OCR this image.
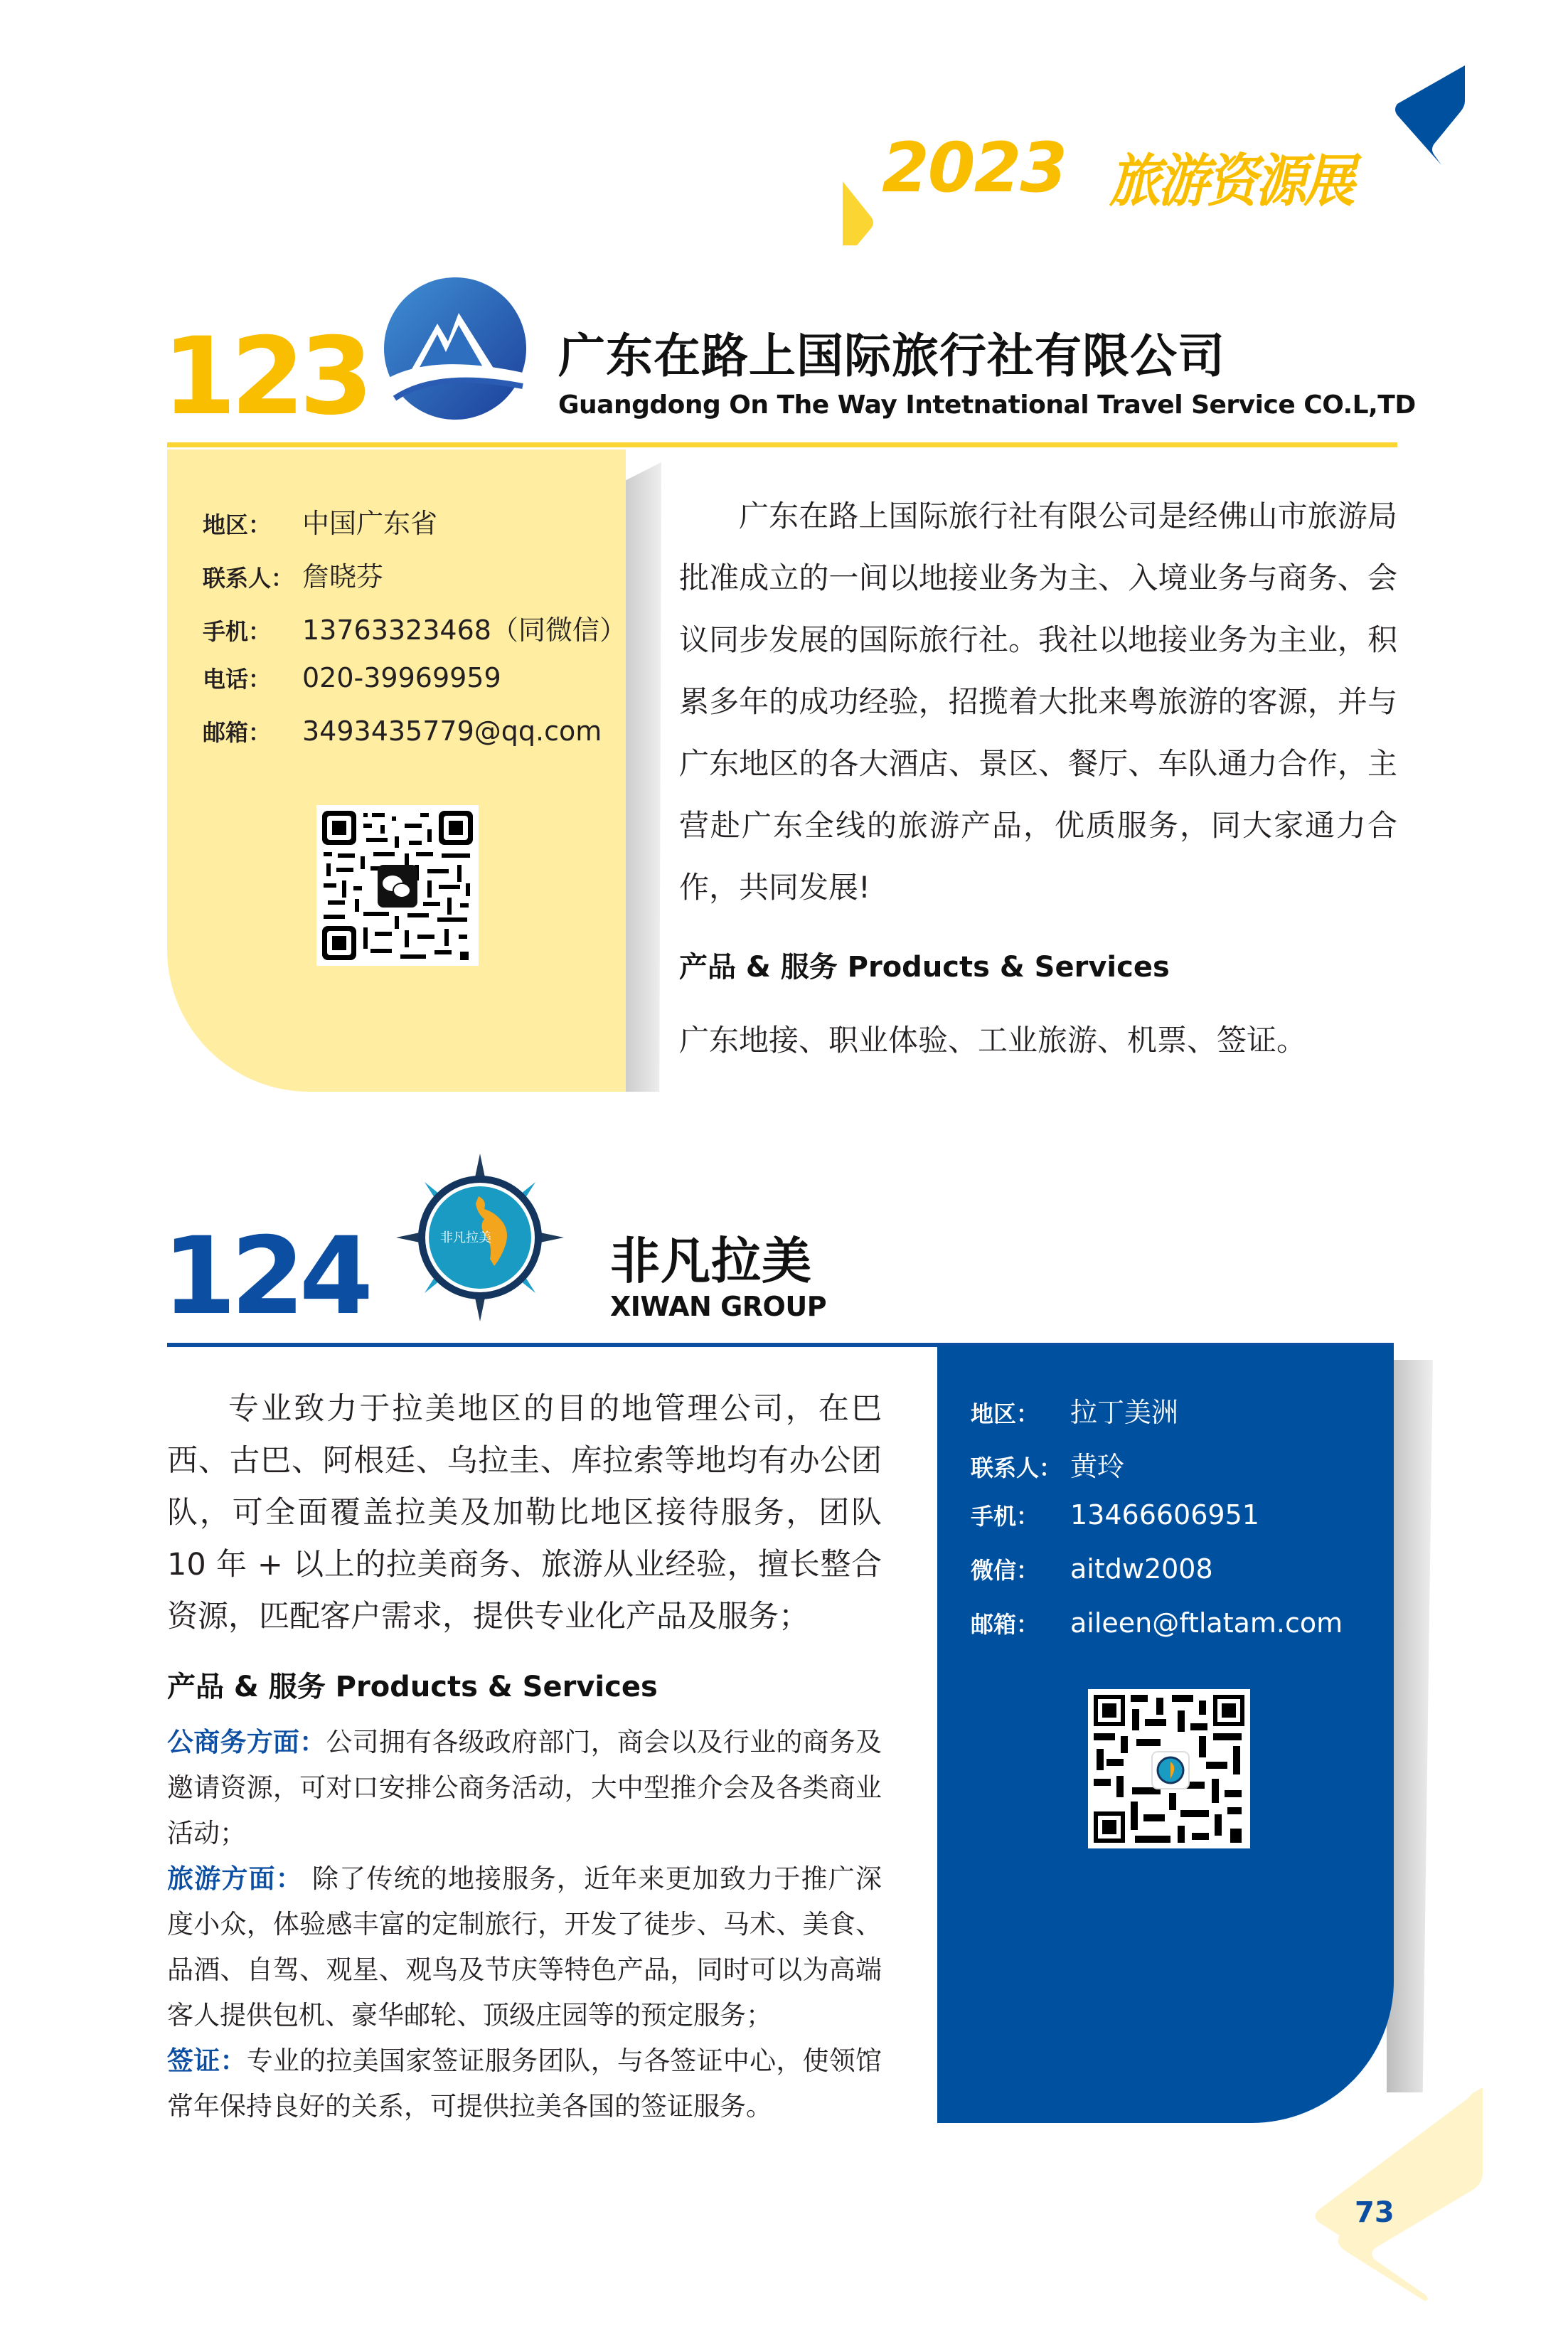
2023 旅游资源展
123	广东在路上国际旅行社有限公司
Guangdong On The Way Intetnational Travel Service CO.L,TD
地区：	中国广东省
联系人： 詹晓芬
手机：	13763323468（同微信）
电话：	020-39969959
邮箱：	3493435779@qq.com

广东在路上国际旅行社有限公司是经佛山市旅游局批准成立的一间以地接业务为主、入境业务与商务、会议同步发展的国际旅行社。我社以地接业务为主业，积累多年的成功经验，招揽着大批来粤旅游的客源，并与广东地区的各大酒店、景区、餐厅、车队通力合作，主营赴广东全线的旅游产品，优质服务，同大家通力合作，共同发展!

产品 & 服务 Products & Services
广东地接、职业体验、工业旅游、机票、签证。
124	非凡拉美 非凡拉美
XIWAN GROUP

专业致力于拉美地区的目的地管理公司，在巴西、古巴、阿根廷、乌拉圭、库拉索等地均有办公团队，可全面覆盖拉美及加勒比地区接待服务，团队 10 年 + 以上的拉美商务、旅游从业经验，擅长整合资源，匹配客户需求，提供专业化产品及服务；

产品 & 服务 Products & Services
公商务方面：公司拥有各级政府部门，商会以及行业的商务及邀请资源，可对口安排公商务活动，大中型推介会及各类商业活动；
旅游方面： 除了传统的地接服务，近年来更加致力于推广深度小众，体验感丰富的定制旅行，开发了徒步、马术、美食、品酒、自驾、观星、观鸟及节庆等特色产品，同时可以为高端客人提供包机、豪华邮轮、顶级庄园等的预定服务；
签证：专业的拉美国家签证服务团队，与各签证中心，使领馆常年保持良好的关系，可提供拉美各国的签证服务。
地区：	拉丁美洲
联系人： 黄玲
手机：	13466606951
微信：	aitdw2008
邮箱：	aileen@ftlatam.com
73
